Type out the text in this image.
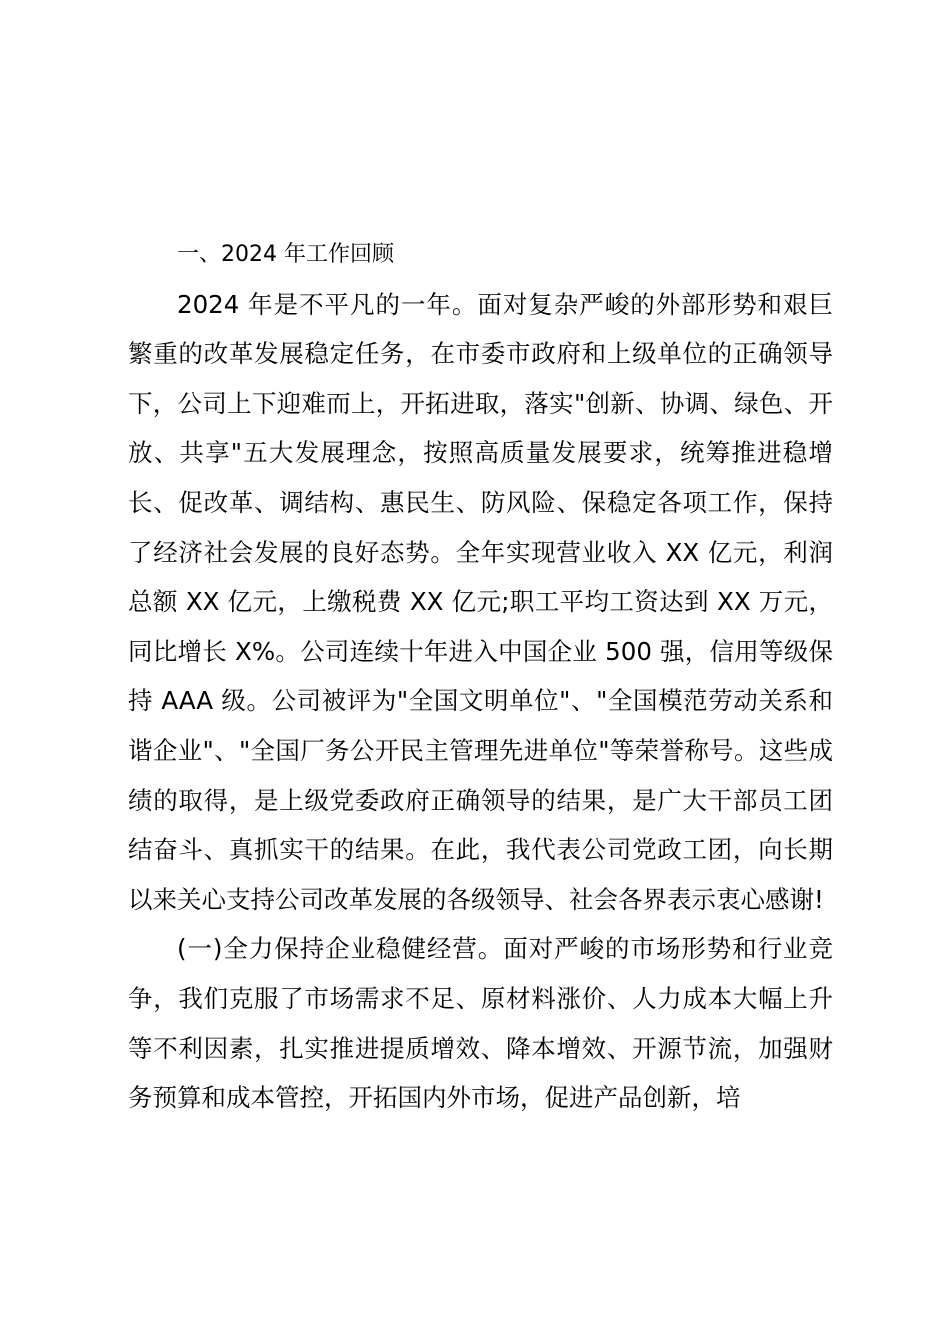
一、2024 年工作回顾

2024 年是不平凡的一年。面对复杂严峻的外部形势和艰巨繁重的改革发展稳定任务，在市委市政府和上级单位的正确领导下，公司上下迎难而上，开拓进取，落实"创新、协调、绿色、开放、共享"五大发展理念，按照高质量发展要求，统筹推进稳增长、促改革、调结构、惠民生、防风险、保稳定各项工作，保持了经济社会发展的良好态势。全年实现营业收入 XX 亿元，利润总额 XX 亿元，上缴税费 XX 亿元;职工平均工资达到 XX 万元，同比增长 X%。公司连续十年进入中国企业 500 强，信用等级保持 AAA 级。公司被评为"全国文明单位"、"全国模范劳动关系和谐企业"、"全国厂务公开民主管理先进单位"等荣誉称号。这些成绩的取得，是上级党委政府正确领导的结果，是广大干部员工团结奋斗、真抓实干的结果。在此，我代表公司党政工团，向长期以来关心支持公司改革发展的各级领导、社会各界表示衷心感谢!

(一)全力保持企业稳健经营。面对严峻的市场形势和行业竞争，我们克服了市场需求不足、原材料涨价、人力成本大幅上升等不利因素，扎实推进提质增效、降本增效、开源节流，加强财务预算和成本管控，开拓国内外市场，促进产品创新，培
